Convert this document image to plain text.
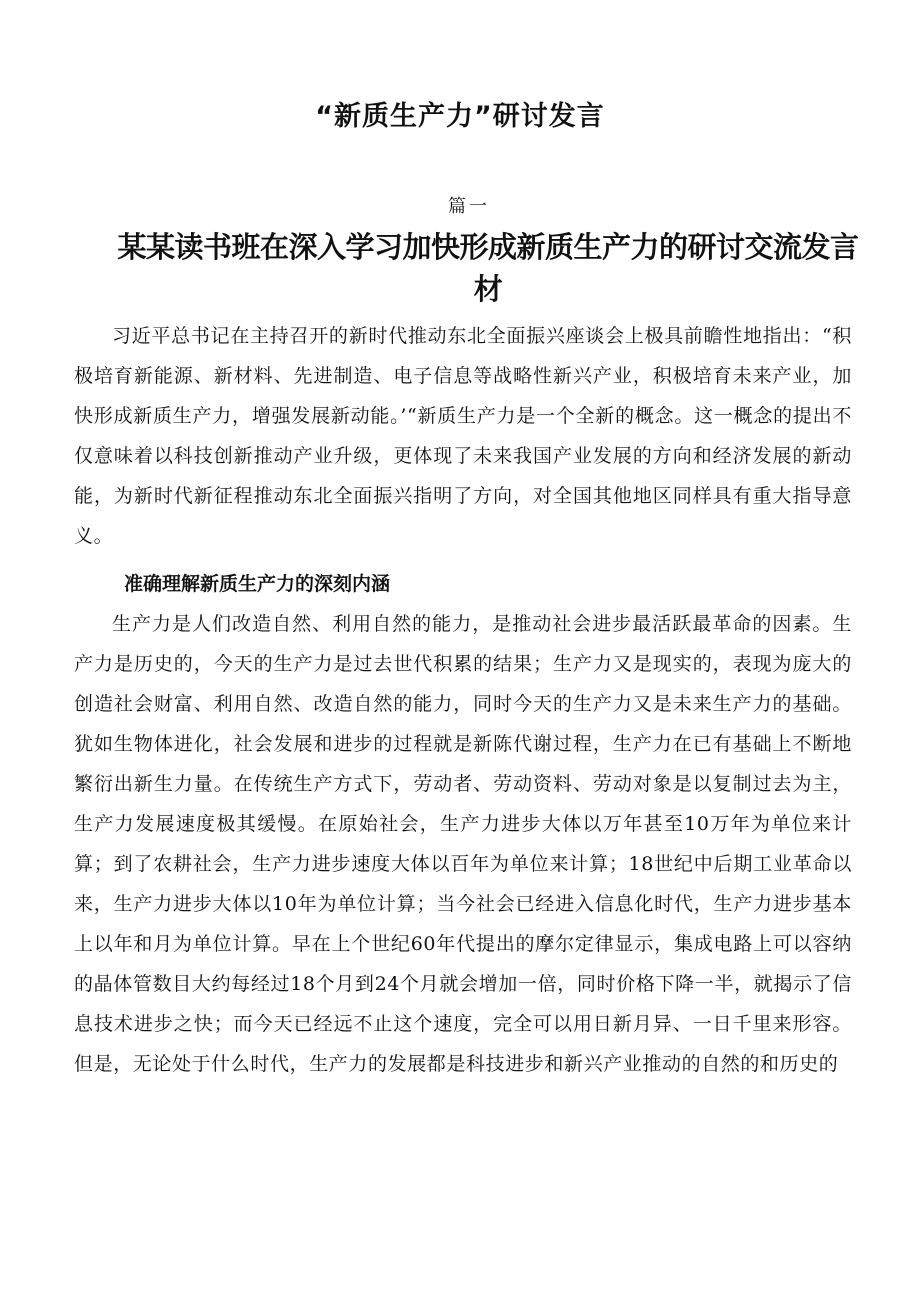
“新质生产力”研讨发言
篇一
某某读书班在深入学习加快形成新质生产力的研讨交流发言材

习近平总书记在主持召开的新时代推动东北全面振兴座谈会上极具前瞻性地指出：“积极培育新能源、新材料、先进制造、电子信息等战略性新兴产业，积极培育未来产业，加快形成新质生产力，增强发展新动能。’“新质生产力是一个全新的概念。这一概念的提出不仅意味着以科技创新推动产业升级，更体现了未来我国产业发展的方向和经济发展的新动能，为新时代新征程推动东北全面振兴指明了方向，对全国其他地区同样具有重大指导意义。

准确理解新质生产力的深刻内涵

生产力是人们改造自然、利用自然的能力，是推动社会进步最活跃最革命的因素。生产力是历史的，今天的生产力是过去世代积累的结果；生产力又是现实的，表现为庞大的创造社会财富、利用自然、改造自然的能力，同时今天的生产力又是未来生产力的基础。犹如生物体进化，社会发展和进步的过程就是新陈代谢过程，生产力在已有基础上不断地繁衍出新生力量。在传统生产方式下，劳动者、劳动资料、劳动对象是以复制过去为主，生产力发展速度极其缓慢。在原始社会，生产力进步大体以万年甚至10万年为单位来计算；到了农耕社会，生产力进步速度大体以百年为单位来计算；18世纪中后期工业革命以来，生产力进步大体以10年为单位计算；当今社会已经进入信息化时代，生产力进步基本上以年和月为单位计算。早在上个世纪60年代提出的摩尔定律显示，集成电路上可以容纳的晶体管数目大约每经过18个月到24个月就会增加一倍，同时价格下降一半，就揭示了信息技术进步之快；而今天已经远不止这个速度，完全可以用日新月异、一日千里来形容。但是，无论处于什么时代，生产力的发展都是科技进步和新兴产业推动的自然的和历史的
